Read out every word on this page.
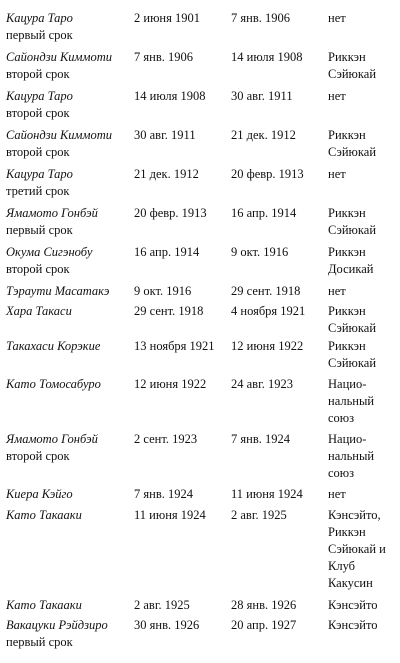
Кацура Таро
первый срок
2 июня 1901 7 янв. 1906	нет
Сайондзи Киммоти
второй срок
7 янв. 1906	14 июля 1908 Риккэн
Сэйюкай
Кацура Таро
второй срок
14 июля 1908 30 авг. 1911	нет
Сайондзи Киммоти
второй срок
30 авг. 1911	21 дек. 1912	Риккэн
Сэйюкай
Кацура Таро
третий срок
21 дек. 1912	20 февр. 1913 нет
Ямамото Гонбэй
первый срок
20 февр. 1913 16 апр. 1914	Риккэн
Сэйюкай
Окума Сигэнобу
второй срок
16 апр. 1914	9 окт. 1916	Риккэн
Досикай
Тэраути Масатакэ	9 окт. 1916	29 сент. 1918 нет
Хара Такаси	29 сент. 1918 4 ноября 1921 Риккэн
Сэйюкай
Такахаси Корэкие	13 ноября 1921 12 июня 1922 Риккэн
Сэйюкай
Като Томосабуро	12 июня 1922 24 авг. 1923	Нацио-
нальный
союз
Ямамото Гонбэй
второй срок
2 сент. 1923	7 янв. 1924	Нацио-
нальный
союз
Киера Кэйго	7 янв. 1924	11 июня 1924 нет
Като Такааки	11 июня 1924 2 авг. 1925	Кэнсэйто,
Риккэн
Сэйюкай и
Клуб
Какусин
Като Такааки	2 авг. 1925	28 янв. 1926	Кэнсэйто
Вакацуки Рэйдзиро
первый срок
30 янв. 1926	20 апр. 1927	Кэнсэйто
